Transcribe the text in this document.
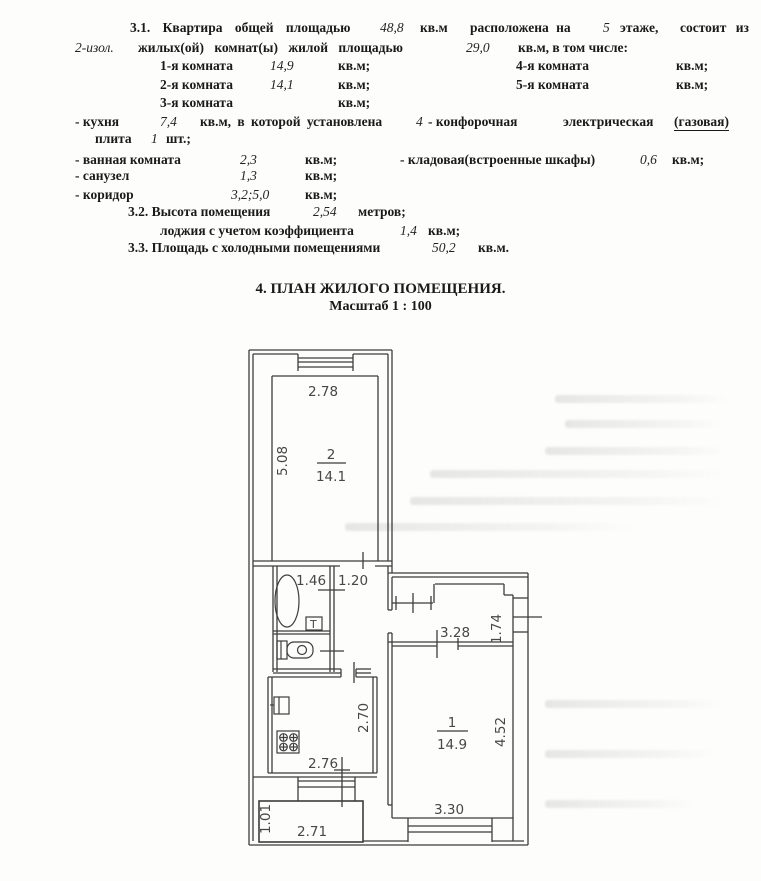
3.1. Квартира общей площадью 48,8 кв.м расположена на 5 этаже, состоит из
2-изол. жилых(ой) комнат(ы) жилой площадью	29,0 кв.м, в том числе:
1-я комната	14,9	кв.м;	4-я комната	кв.м;
2-я комната	14,1	кв.м;	5-я комната	кв.м;
3-я комната	кв.м;
- кухня	7,4 кв.м, в которой установлена	4 - конфорочная	электрическая (газовая)
плита 1 шт.;
- ванная комната	2,3	кв.м;	- кладовая(встроенные шкафы)	0,6 кв.м;
- санузел	1,3	кв.м;
- коридор	3,2;5,0	кв.м;
3.2. Высота помещения	2,54 метров;
лоджия с учетом коэффициента	1,4 кв.м;
3.3. Площадь с холодными помещениями	50,2 кв.м.
4. ПЛАН ЖИЛОГО ПОМЕЩЕНИЯ.
Масштаб 1 : 100
2.78
5.08	2
14.1
1.46 1.20
3.28 1.74
2.70
2.76
1
14.9 4.52
3.30
1.01 2.71
Т
